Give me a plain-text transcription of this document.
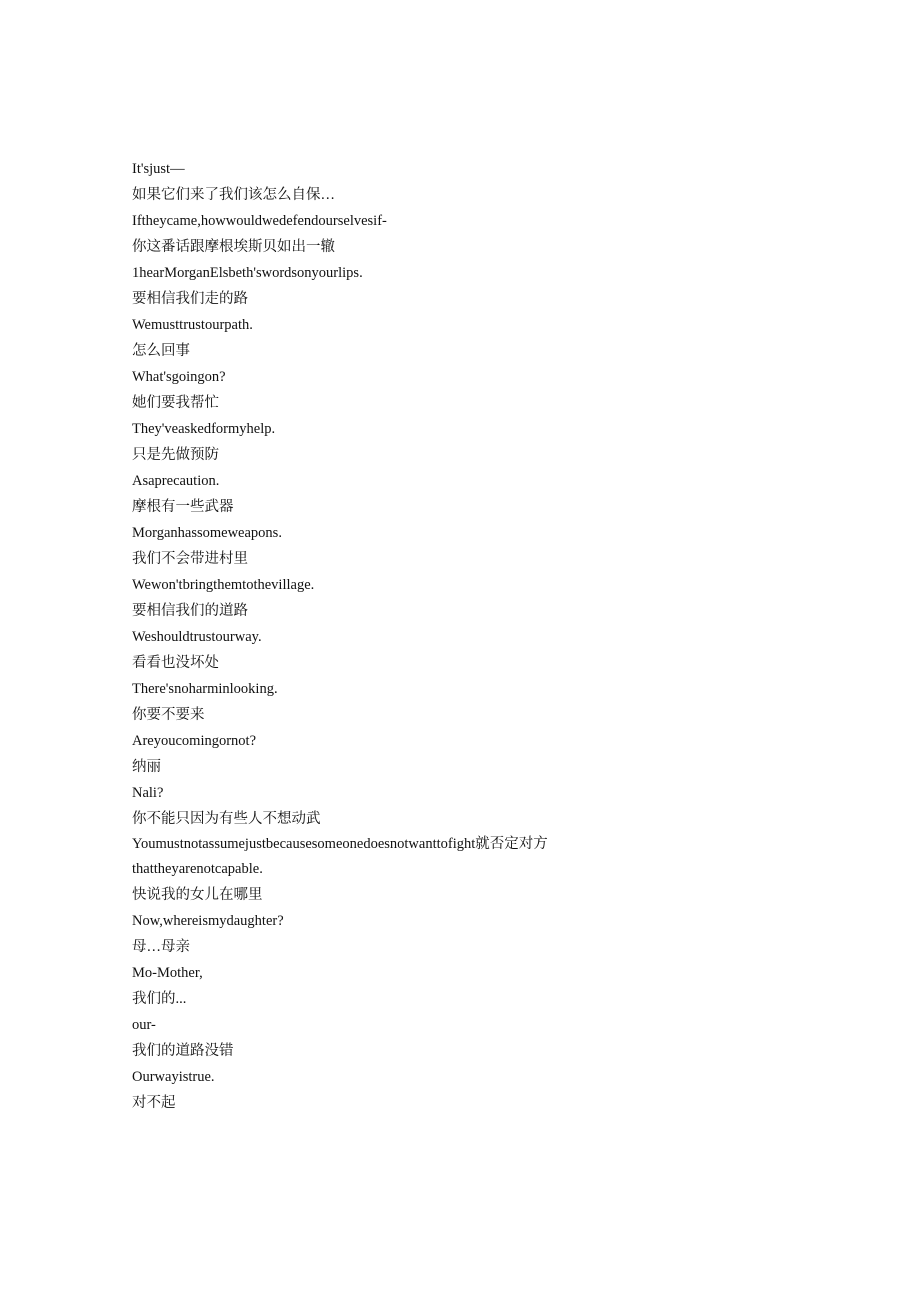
It'sjust—
如果它们来了我们该怎么自保…
Iftheycame,howwouldwedefendourselvesif-
你这番话跟摩根埃斯贝如出一辙
1hearMorganElsbeth'swordsonyourlips.
要相信我们走的路
Wemusttrustourpath.
怎么回事
What'sgoingon?
她们要我帮忙
They'veaskedformyhelp.
只是先做预防
Asaprecaution.
摩根有一些武器
Morganhassomeweapons.
我们不会带进村里
Wewon'tbringthemtothevillage.
要相信我们的道路
Weshouldtrustourway.
看看也没坏处
There'snoharminlooking.
你要不要来
Areyoucomingornot?
纳丽
Nali?
你不能只因为有些人不想动武
Youmustnotassumejustbecausesomeonedoesnotwanttofight就否定对方
thattheyarenotcapable.
快说我的女儿在哪里
Now,whereismydaughter?
母…母亲
Mo-Mother,
我们的...
our-
我们的道路没错
Ourwayistrue.
对不起
